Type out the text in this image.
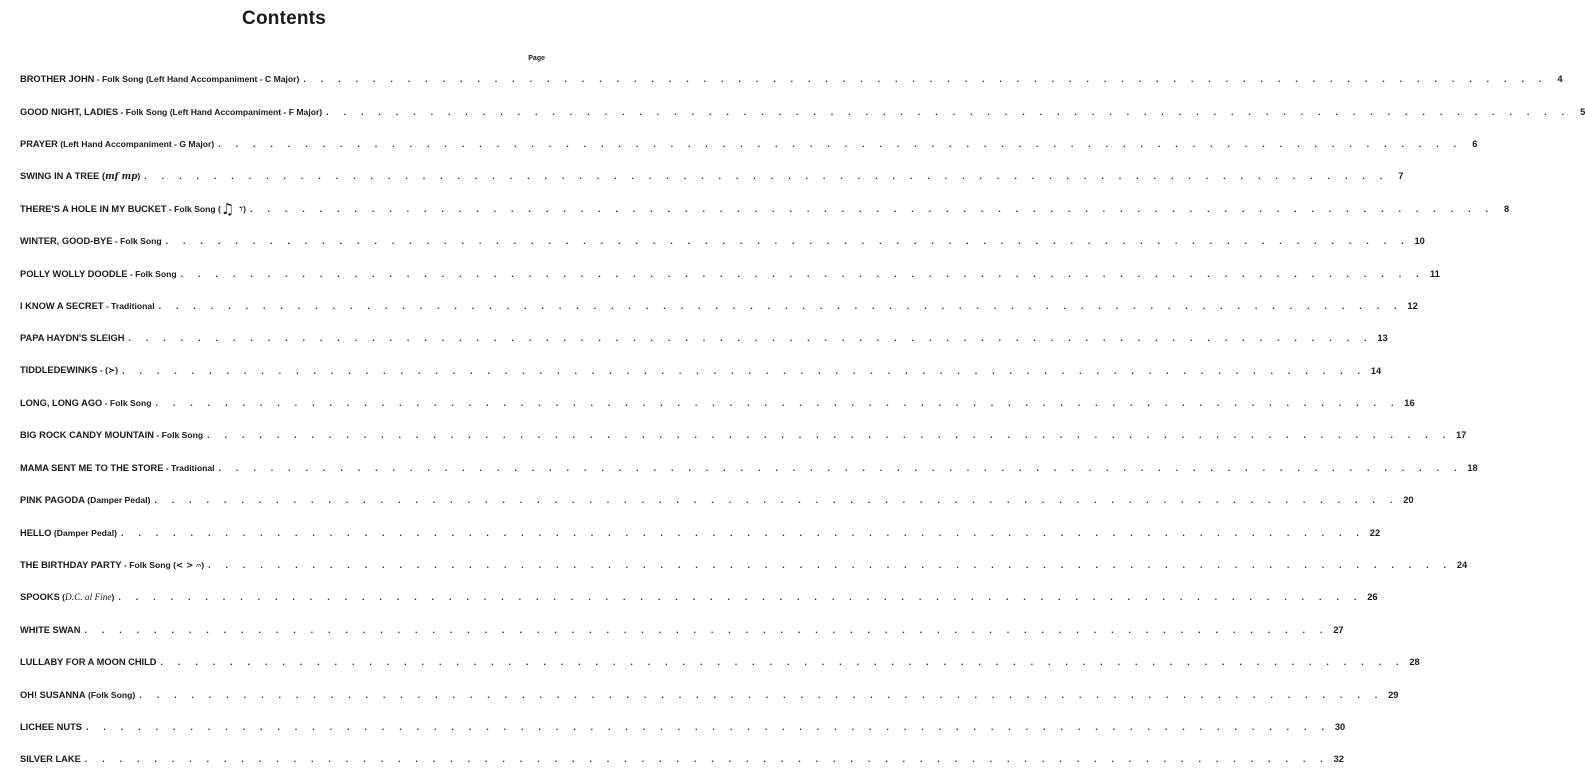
Contents
Page
BROTHER JOHN - Folk Song (Left Hand Accompaniment - C Major) . . . . . . . . . . . . . . . . . . . . . . . . . . . . . . . . . . . . . . . . . . . . . . . . . . . . . . . . . . . . . . . . . . . . . . . .	4
GOOD NIGHT, LADIES - Folk Song (Left Hand Accompaniment - F Major) . . . . . . . . . . . . . . . . . . . . . . . . . . . . . . . . . . . . . . . . . . . . . . . . . . . . . . . . . . . . . . . . . . . . . . . .	5
PRAYER (Left Hand Accompaniment - G Major) . . . . . . . . . . . . . . . . . . . . . . . . . . . . . . . . . . . . . . . . . . . . . . . . . . . . . . . . . . . . . . . . . . . . . . . .	6
SWING IN A TREE (mf mp) . . . . . . . . . . . . . . . . . . . . . . . . . . . . . . . . . . . . . . . . . . . . . . . . . . . . . . . . . . . . . . . . . . . . . . . .	7
THERE'S A HOLE IN MY BUCKET - Folk Song (♫ 𝄾) . . . . . . . . . . . . . . . . . . . . . . . . . . . . . . . . . . . . . . . . . . . . . . . . . . . . . . . . . . . . . . . . . . . . . . . .	8
WINTER, GOOD-BYE - Folk Song . . . . . . . . . . . . . . . . . . . . . . . . . . . . . . . . . . . . . . . . . . . . . . . . . . . . . . . . . . . . . . . . . . . . . . . . 10
POLLY WOLLY DOODLE - Folk Song . . . . . . . . . . . . . . . . . . . . . . . . . . . . . . . . . . . . . . . . . . . . . . . . . . . . . . . . . . . . . . . . . . . . . . . . 11
I KNOW A SECRET - Traditional . . . . . . . . . . . . . . . . . . . . . . . . . . . . . . . . . . . . . . . . . . . . . . . . . . . . . . . . . . . . . . . . . . . . . . . . 12
PAPA HAYDN'S SLEIGH . . . . . . . . . . . . . . . . . . . . . . . . . . . . . . . . . . . . . . . . . . . . . . . . . . . . . . . . . . . . . . . . . . . . . . . . 13
TIDDLEDEWINKS - (≻) . . . . . . . . . . . . . . . . . . . . . . . . . . . . . . . . . . . . . . . . . . . . . . . . . . . . . . . . . . . . . . . . . . . . . . . . 14
LONG, LONG AGO - Folk Song . . . . . . . . . . . . . . . . . . . . . . . . . . . . . . . . . . . . . . . . . . . . . . . . . . . . . . . . . . . . . . . . . . . . . . . . 16
BIG ROCK CANDY MOUNTAIN - Folk Song . . . . . . . . . . . . . . . . . . . . . . . . . . . . . . . . . . . . . . . . . . . . . . . . . . . . . . . . . . . . . . . . . . . . . . . . 17
MAMA SENT ME TO THE STORE - Traditional . . . . . . . . . . . . . . . . . . . . . . . . . . . . . . . . . . . . . . . . . . . . . . . . . . . . . . . . . . . . . . . . . . . . . . . . 18
PINK PAGODA (Damper Pedal) . . . . . . . . . . . . . . . . . . . . . . . . . . . . . . . . . . . . . . . . . . . . . . . . . . . . . . . . . . . . . . . . . . . . . . . . 20
HELLO (Damper Pedal) . . . . . . . . . . . . . . . . . . . . . . . . . . . . . . . . . . . . . . . . . . . . . . . . . . . . . . . . . . . . . . . . . . . . . . . . 22
THE BIRTHDAY PARTY - Folk Song (< > 𝄐) . . . . . . . . . . . . . . . . . . . . . . . . . . . . . . . . . . . . . . . . . . . . . . . . . . . . . . . . . . . . . . . . . . . . . . . . 24
SPOOKS (D.C. al Fine) . . . . . . . . . . . . . . . . . . . . . . . . . . . . . . . . . . . . . . . . . . . . . . . . . . . . . . . . . . . . . . . . . . . . . . . . 26
WHITE SWAN . . . . . . . . . . . . . . . . . . . . . . . . . . . . . . . . . . . . . . . . . . . . . . . . . . . . . . . . . . . . . . . . . . . . . . . . 27
LULLABY FOR A MOON CHILD . . . . . . . . . . . . . . . . . . . . . . . . . . . . . . . . . . . . . . . . . . . . . . . . . . . . . . . . . . . . . . . . . . . . . . . . 28
OH! SUSANNA (Folk Song) . . . . . . . . . . . . . . . . . . . . . . . . . . . . . . . . . . . . . . . . . . . . . . . . . . . . . . . . . . . . . . . . . . . . . . . . 29
LICHEE NUTS . . . . . . . . . . . . . . . . . . . . . . . . . . . . . . . . . . . . . . . . . . . . . . . . . . . . . . . . . . . . . . . . . . . . . . . . 30
SILVER LAKE . . . . . . . . . . . . . . . . . . . . . . . . . . . . . . . . . . . . . . . . . . . . . . . . . . . . . . . . . . . . . . . . . . . . . . . . 32
